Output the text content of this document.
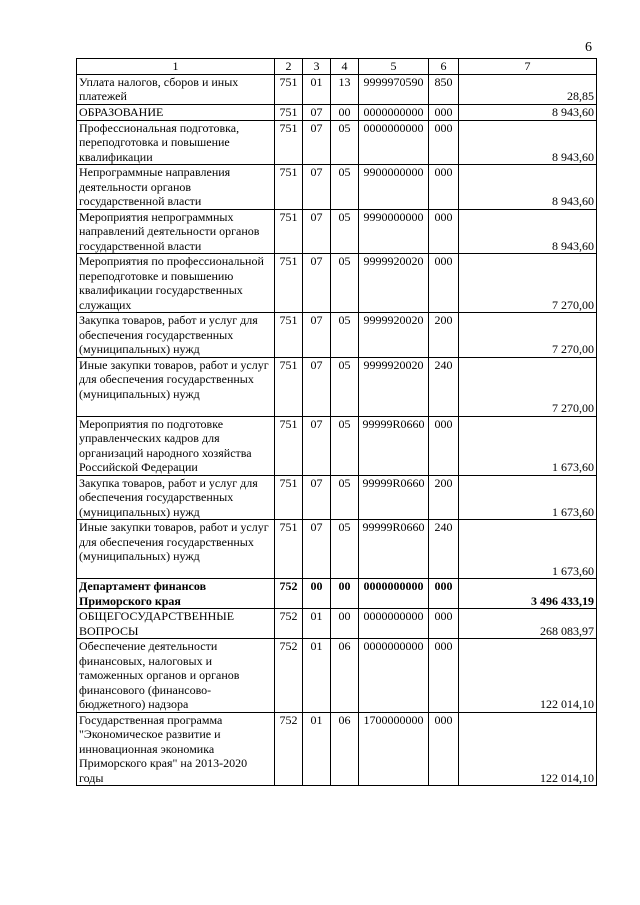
6
1	2	3	4	5	6	7
Уплата налогов, сборов и иных платежей	751	01	13	9999970590	850	28,85
ОБРАЗОВАНИЕ	751	07	00	0000000000	000	8 943,60
Профессиональная подготовка, переподготовка и повышение квалификации	751	07	05	0000000000	000	8 943,60
Непрограммные направления деятельности органов государственной власти	751	07	05	9900000000	000	8 943,60
Мероприятия непрограммных направлений деятельности органов государственной власти	751	07	05	9990000000	000	8 943,60
Мероприятия по профессиональной переподготовке и повышению квалификации государственных служащих	751	07	05	9999920020	000	7 270,00
Закупка товаров, работ и услуг для обеспечения государственных (муниципальных) нужд	751	07	05	9999920020	200	7 270,00
Иные закупки товаров, работ и услуг для обеспечения государственных (муниципальных) нужд	751	07	05	9999920020	240	7 270,00
Мероприятия по подготовке управленческих кадров для организаций народного хозяйства Российской Федерации	751	07	05	99999R0660	000	1 673,60
Закупка товаров, работ и услуг для обеспечения государственных (муниципальных) нужд	751	07	05	99999R0660	200	1 673,60
Иные закупки товаров, работ и услуг для обеспечения государственных (муниципальных) нужд	751	07	05	99999R0660	240	1 673,60
Департамент финансов Приморского края	752	00	00	0000000000	000	3 496 433,19
ОБЩЕГОСУДАРСТВЕННЫЕ ВОПРОСЫ	752	01	00	0000000000	000	268 083,97
Обеспечение деятельности финансовых, налоговых и таможенных органов и органов финансового (финансово-бюджетного) надзора	752	01	06	0000000000	000	122 014,10
Государственная программа "Экономическое развитие и инновационная экономика Приморского края" на 2013-2020 годы	752	01	06	1700000000	000	122 014,10
